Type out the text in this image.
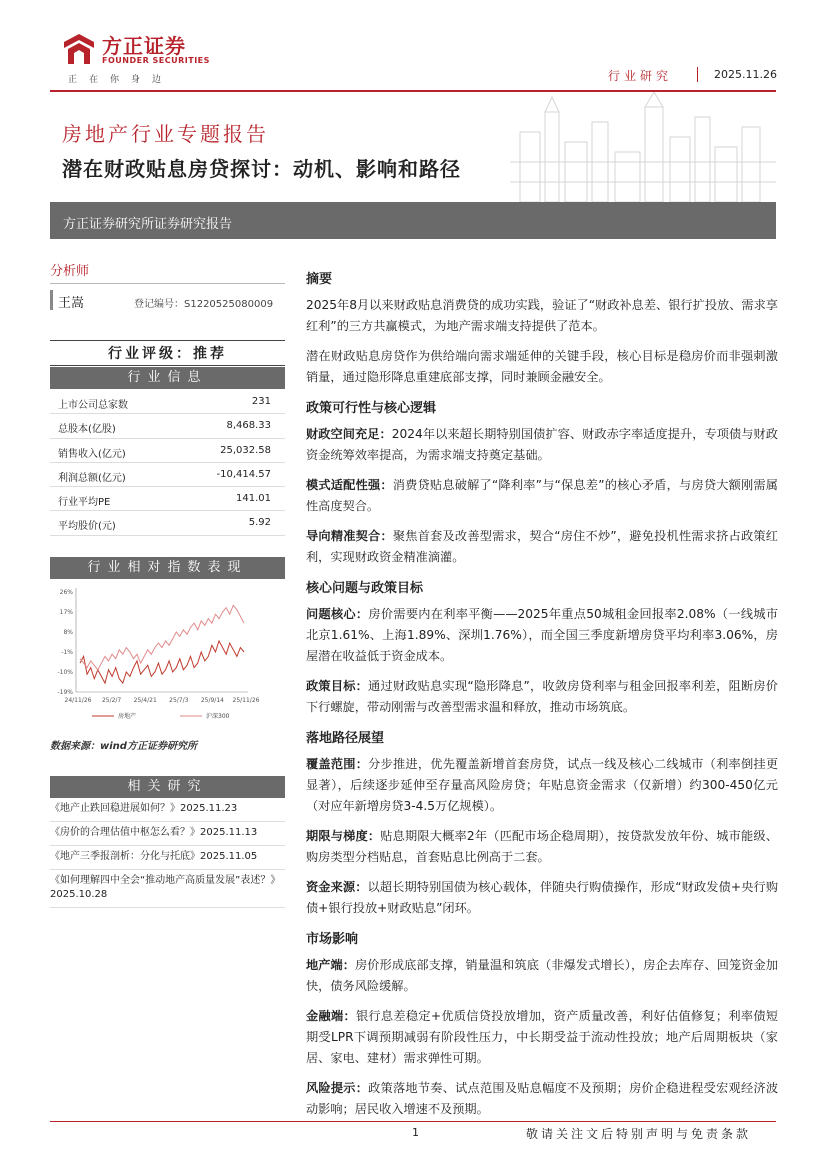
方正证券
FOUNDER SECURITIES
正在你身边	行业研究	2025.11.26
房地产行业专题报告
潜在财政贴息房贷探讨：动机、影响和路径
方正证券研究所证券研究报告
分析师
王嵩	登记编号：S1220525080009
行业评级：推荐
行业信息
上市公司总家数	231
总股本(亿股)	8,468.33
销售收入(亿元)	25,032.58
利润总额(亿元)	-10,414.57
行业平均PE	141.01
平均股价(元)	5.92
行业相对指数表现
26%
17%
8%
-1%
-10%
-19%
24/11/26 25/2/7 25/4/21 25/7/3 25/9/14 25/11/26
房地产	沪深300
数据来源：wind方正证券研究所
相关研究
《地产止跌回稳进展如何？》2025.11.23
《房价的合理估值中枢怎么看？》2025.11.13
《地产三季报剖析：分化与托底》2025.11.05
《如何理解四中全会“推动地产高质量发展”表述？》2025.10.28
摘要
2025年8月以来财政贴息消费贷的成功实践，验证了“财政补息差、银行扩投放、需求享红利”的三方共赢模式，为地产需求端支持提供了范本。
潜在财政贴息房贷作为供给端向需求端延伸的关键手段，核心目标是稳房价而非强刺激销量，通过隐形降息重建底部支撑，同时兼顾金融安全。
政策可行性与核心逻辑
财政空间充足：2024年以来超长期特别国债扩容、财政赤字率适度提升，专项债与财政资金统筹效率提高，为需求端支持奠定基础。
模式适配性强：消费贷贴息破解了“降利率”与“保息差”的核心矛盾，与房贷大额刚需属性高度契合。
导向精准契合：聚焦首套及改善型需求，契合“房住不炒”，避免投机性需求挤占政策红利，实现财政资金精准滴灌。
核心问题与政策目标
问题核心：房价需要内在利率平衡——2025年重点50城租金回报率2.08%（一线城市北京1.61%、上海1.89%、深圳1.76%），而全国三季度新增房贷平均利率3.06%，房屋潜在收益低于资金成本。
政策目标：通过财政贴息实现“隐形降息”，收敛房贷利率与租金回报率利差，阻断房价下行螺旋，带动刚需与改善型需求温和释放，推动市场筑底。
落地路径展望
覆盖范围：分步推进，优先覆盖新增首套房贷，试点一线及核心二线城市（利率倒挂更显著），后续逐步延伸至存量高风险房贷；年贴息资金需求（仅新增）约300-450亿元（对应年新增房贷3-4.5万亿规模）。
期限与梯度：贴息期限大概率2年（匹配市场企稳周期），按贷款发放年份、城市能级、购房类型分档贴息，首套贴息比例高于二套。
资金来源：以超长期特别国债为核心载体，伴随央行购债操作，形成“财政发债+央行购债+银行投放+财政贴息”闭环。
市场影响
地产端：房价形成底部支撑，销量温和筑底（非爆发式增长），房企去库存、回笼资金加快，债务风险缓解。
金融端：银行息差稳定+优质信贷投放增加，资产质量改善，利好估值修复；利率债短期受LPR下调预期减弱有阶段性压力，中长期受益于流动性投放；地产后周期板块（家居、家电、建材）需求弹性可期。
风险提示：政策落地节奏、试点范围及贴息幅度不及预期；房价企稳进程受宏观经济波动影响；居民收入增速不及预期。
1	敬请关注文后特别声明与免责条款
